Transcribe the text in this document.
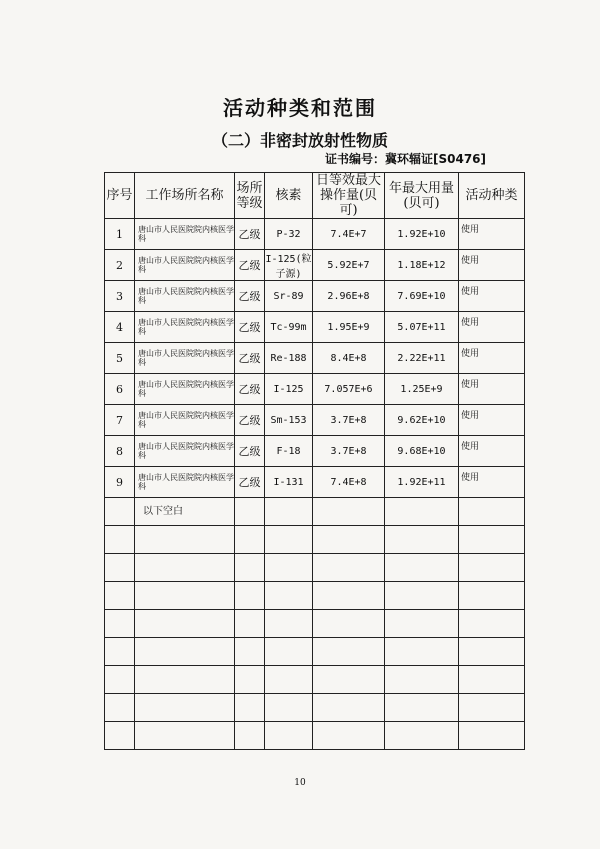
活动种类和范围
（二）非密封放射性物质
证书编号：冀环辐证[S0476]
序号	工作场所名称	场所等级	核素	日等效最大操作量(贝可)	年最大用量(贝可)	活动种类
1	唐山市人民医院院内核医学科	乙级	P-32	7.4E+7	1.92E+10	使用
2	唐山市人民医院院内核医学科	乙级	I-125(粒子源)	5.92E+7	1.18E+12	使用
3	唐山市人民医院院内核医学科	乙级	Sr-89	2.96E+8	7.69E+10	使用
4	唐山市人民医院院内核医学科	乙级	Tc-99m	1.95E+9	5.07E+11	使用
5	唐山市人民医院院内核医学科	乙级	Re-188	8.4E+8	2.22E+11	使用
6	唐山市人民医院院内核医学科	乙级	I-125	7.057E+6	1.25E+9	使用
7	唐山市人民医院院内核医学科	乙级	Sm-153	3.7E+8	9.62E+10	使用
8	唐山市人民医院院内核医学科	乙级	F-18	3.7E+8	9.68E+10	使用
9	唐山市人民医院院内核医学科	乙级	I-131	7.4E+8	1.92E+11	使用
	以下空白					

10
